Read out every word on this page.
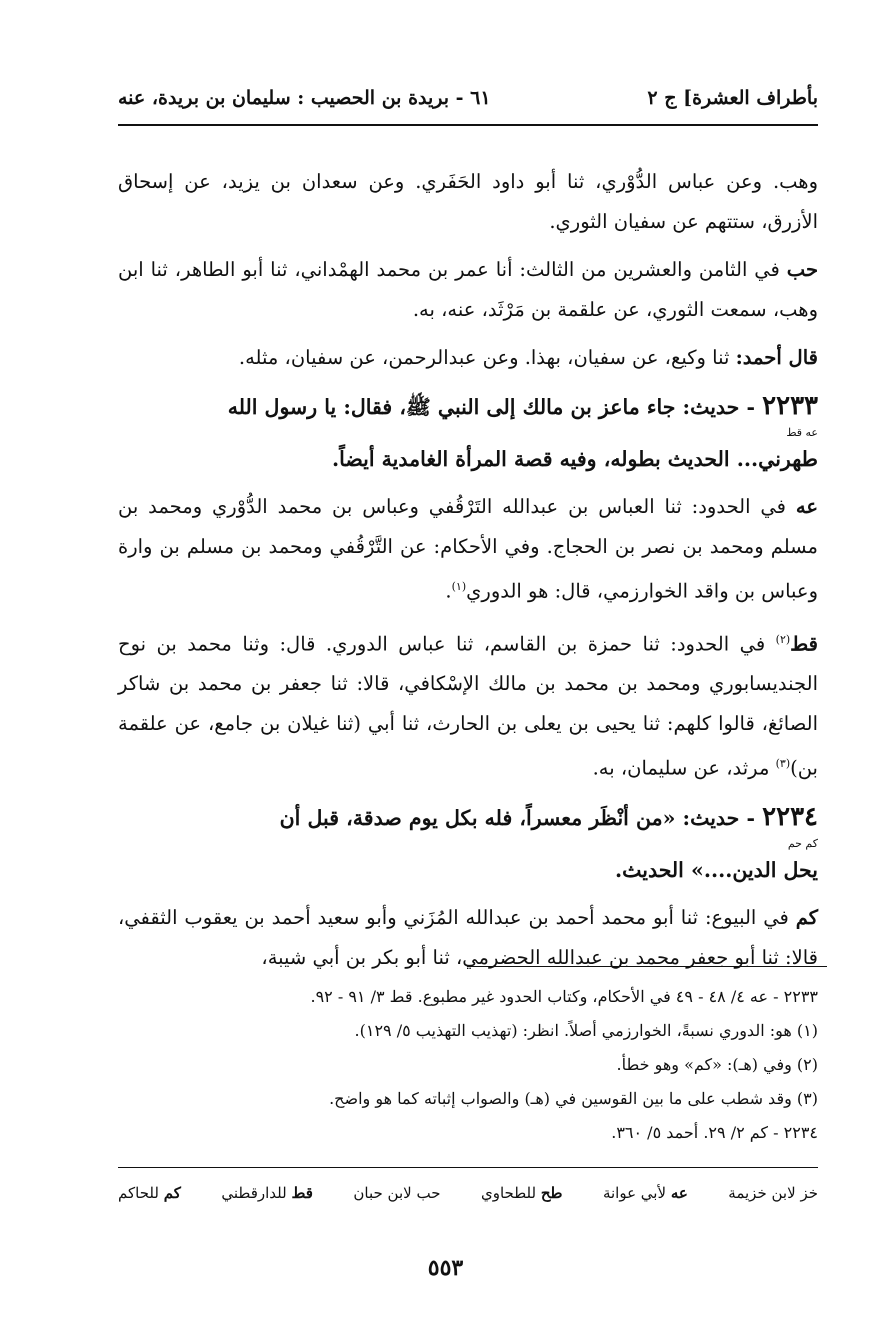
بأطراف العشرة] ج ٢
٦١ - بريدة بن الحصيب : سليمان بن بريدة، عنه

وهب. وعن عباس الدُّوْري، ثنا أبو داود الحَفَري. وعن سعدان بن يزيد، عن إسحاق الأزرق، ستتهم عن سفيان الثوري.

حب في الثامن والعشرين من الثالث: أنا عمر بن محمد الهمْداني، ثنا أبو الطاهر، ثنا ابن وهب، سمعت الثوري، عن علقمة بن مَرْثَد، عنه، به.

قال أحمد: ثنا وكيع، عن سفيان، بهذا. وعن عبدالرحمن، عن سفيان، مثله.

٢٢٣٣ - حديث: جاء ماعز بن مالك إلى النبي ﷺ، فقال: يا رسول الله
عه قط
طهرني... الحديث بطوله، وفيه قصة المرأة الغامدية أيضاً.

عه في الحدود: ثنا العباس بن عبدالله التَرْقُفي وعباس بن محمد الدُّوْري ومحمد بن مسلم ومحمد بن نصر بن الحجاج. وفي الأحكام: عن التَّرْقُفي ومحمد بن مسلم بن وارة وعباس بن واقد الخوارزمي، قال: هو الدوري$^{(١)}$.

قط$^{(٢)}$ في الحدود: ثنا حمزة بن القاسم، ثنا عباس الدوري. قال: وثنا محمد بن نوح الجنديسابوري ومحمد بن محمد بن مالك الإسْكافي، قالا: ثنا جعفر بن محمد بن شاكر الصائغ، قالوا كلهم: ثنا يحيى بن يعلى بن الحارث، ثنا أبي (ثنا غيلان بن جامع، عن علقمة بن)$^{(٣)}$ مرثد، عن سليمان، به.

٢٢٣٤ - حديث: «من أنْظَر معسراً، فله بكل يوم صدقة، قبل أن
كم حم
يحل الدين....» الحديث.

كم في البيوع: ثنا أبو محمد أحمد بن عبدالله المُزَني وأبو سعيد أحمد بن يعقوب الثقفي، قالا: ثنا أبو جعفر محمد بن عبدالله الحضرمي، ثنا أبو بكر بن أبي شيبة،

٢٢٣٣ - عه ٤/ ٤٨ - ٤٩ في الأحكام، وكتاب الحدود غير مطبوع. قط ٣/ ٩١ - ٩٢.

(١) هو: الدوري نسبةً، الخوارزمي أصلاً. انظر: (تهذيب التهذيب ٥/ ١٢٩).

(٢) وفي (هـ): «كم» وهو خطأ.

(٣) وقد شطب على ما بين القوسين في (هـ) والصواب إثباته كما هو واضح.

٢٢٣٤ - كم ٢/ ٢٩. أحمد ٥/ ٣٦٠.

خز لابن خزيمة
عه لأبي عوانة
طح للطحاوي
حب لابن حبان
قط للدارقطني
كم للحاكم
٥٥٣
